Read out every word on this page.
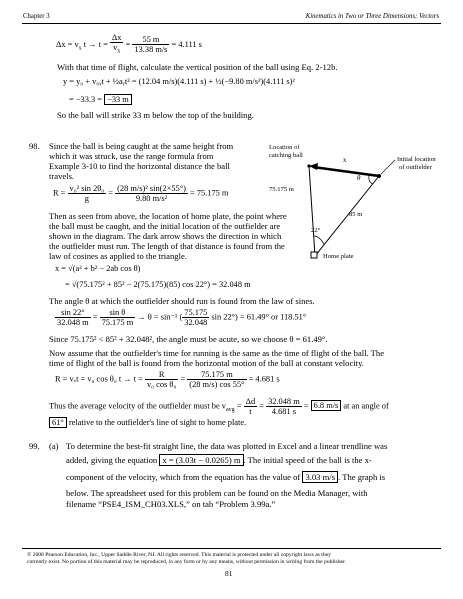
Chapter 3	Kinematics in Two or Three Dimensions; Vectors
$\Delta x = v_x$ $t \to t = \frac{\Delta x}{v_x} = \frac{55 m}{13.38 m/s} = 4.111$ s
With that time of flight, calculate the vertical position of the ball using Eq. 2-12b.
y = y₀ + v₀ᵧt + ½aᵧt² = (12.04 m/s)(4.111 s) + ½(−9.80 m/s²)(4.111 s)²
= −33.3 = −33 m
So the ball will strike 33 m below the top of the building.
98. Since the ball is being caught at the same height from
which it was struck, use the range formula from
Example 3-10 to find the horizontal distance the ball
travels.
$R = \frac{\text{v₀² sin 2θ₀}}{g} = \frac{\text{(28 m/s)² sin(2×55°)}}{\text{9.80 m/s²}} = 75.175$ m
Then as seen from above, the location of home plate, the point where
the ball must be caught, and the initial location of the outfielder are
shown in the diagram. The dark arrow shows the direction in which
the outfielder must run. The length of that distance is found from the
law of cosines as applied to the triangle.
x = √(a² + b² − 2ab cos θ)
= √(75.175² + 85² − 2(75.175)(85) cos 22°) = 32.048 m
The angle θ at which the outfielder should run is found from the law of sines.
$\frac{\sin 22^\circ}{32.048 m} = \frac{\text{sin θ}}{75.175 m} \to \theta = \sin^{-1}$ ( $\frac{75.175}{32.048}$ sin 22°) = 61.49° or 118.51°
Since 75.175² < 85² + 32.048², the angle must be acute, so we choose θ = 61.49°.
Now assume that the outfielder's time for running is the same as the time of flight of the ball. The
time of flight of the ball is found from the horizontal motion of the ball at constant velocity.
R = vₓt = v₀ cos θ₀ $t \to t = \frac{R}{\text{v₀ cos θ₀}} = \frac{75.175 m}{(28 m/s) \cos 55^\circ} = 4.681$ s
Thus the average velocity of the outfielder must be $v_{avg} = \frac{\Delta d}{t} = \frac{32.048 m}{4.681 s} = 6.8$ m/s at an angle of
61° relative to the outfielder's line of sight to home plate.
Location of
catching ball
x
θ
Initial location
of outfielder
75.175 m
85 m
22°
Home plate
99. (a) To determine the best-fit straight line, the data was plotted in Excel and a linear trendline was
added, giving the equation x = (3.03t − 0.0265) m . The initial speed of the ball is the x-
component of the velocity, which from the equation has the value of 3.03 m/s . The graph is
below. The spreadsheet used for this problem can be found on the Media Manager, with
filename “PSE4_ISM_CH03.XLS,” on tab “Problem 3.99a.”
© 2008 Pearson Education, Inc., Upper Saddle River, NJ. All rights reserved. This material is protected under all copyright laws as they
currently exist. No portion of this material may be reproduced, in any form or by any means, without permission in writing from the publisher.
81
